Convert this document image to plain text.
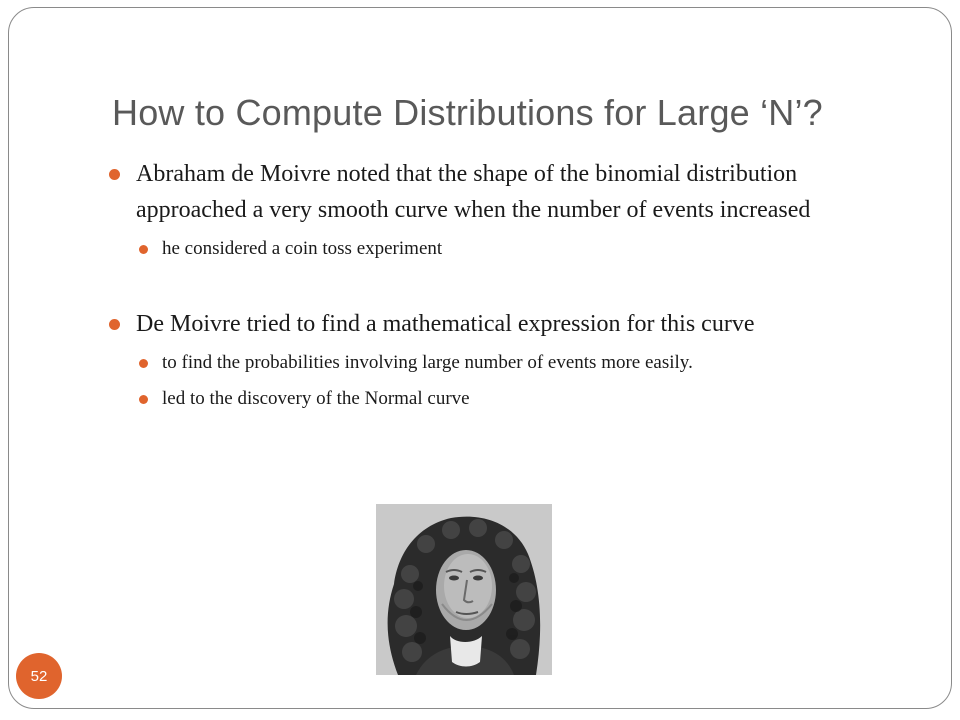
How to Compute Distributions for Large ‘N’?
Abraham de Moivre noted that the shape of the binomial distribution approached a very smooth curve when the number of events increased
he considered a coin toss experiment
De Moivre tried to find a mathematical expression for this curve
to find the probabilities involving large number of events more easily.
led to the discovery of the Normal curve
52
